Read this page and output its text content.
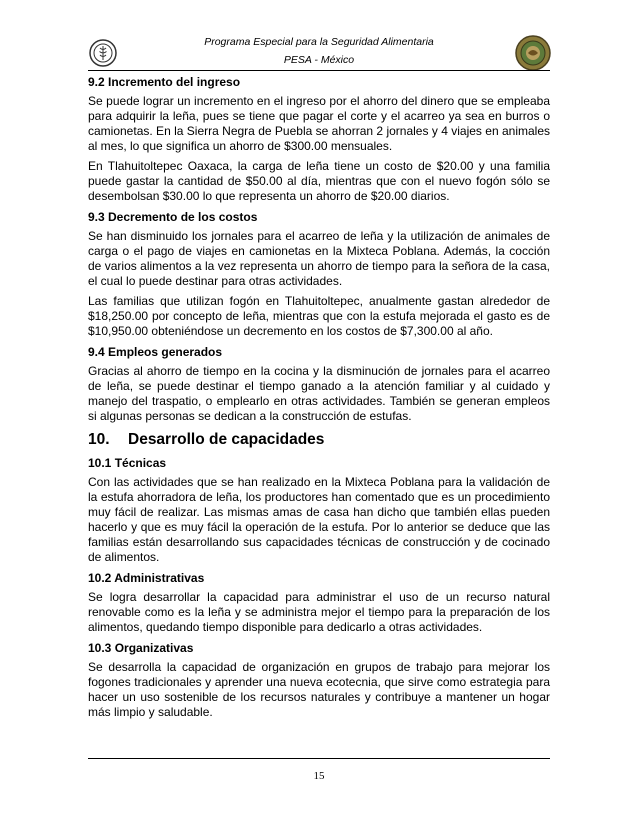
Programa Especial para la Seguridad Alimentaria
PESA - México
9.2 Incremento del ingreso

Se puede lograr un incremento en el ingreso por el ahorro del dinero que se empleaba para adquirir la leña, pues se tiene que pagar el corte y el acarreo ya sea en burros o camionetas. En la Sierra Negra de Puebla se ahorran 2 jornales y 4 viajes en animales al mes, lo que significa un ahorro de $300.00 mensuales.

En Tlahuitoltepec Oaxaca, la carga de leña tiene un costo de $20.00 y una familia puede gastar la cantidad de $50.00 al día, mientras que con el nuevo fogón sólo se desembolsan $30.00 lo que representa un ahorro de $20.00 diarios.

9.3 Decremento de los costos

Se han disminuido los jornales para el acarreo de leña y la utilización de animales de carga o el pago de viajes en camionetas en la Mixteca Poblana. Además, la cocción de varios alimentos a la vez representa un ahorro de tiempo para la señora de la casa, el cual lo puede destinar para otras actividades.

Las familias que utilizan fogón en Tlahuitoltepec, anualmente gastan alrededor de $18,250.00 por concepto de leña, mientras que con la estufa mejorada el gasto es de $10,950.00 obteniéndose un decremento en los costos de $7,300.00 al año.

9.4 Empleos generados

Gracias al ahorro de tiempo en la cocina y la disminución de jornales para el acarreo de leña, se puede destinar el tiempo ganado a la atención familiar y al cuidado y manejo del traspatio, o emplearlo en otras actividades. También se generan empleos si algunas personas se dedican a la construcción de estufas.

10. Desarrollo de capacidades
10.1 Técnicas

Con las actividades que se han realizado en la Mixteca Poblana para la validación de la estufa ahorradora de leña, los productores han comentado que es un procedimiento muy fácil de realizar. Las mismas amas de casa han dicho que también ellas pueden hacerlo y que es muy fácil la operación de la estufa. Por lo anterior se deduce que las familias están desarrollando sus capacidades técnicas de construcción y de cocinado de alimentos.

10.2 Administrativas

Se logra desarrollar la capacidad para administrar el uso de un recurso natural renovable como es la leña y se administra mejor el tiempo para la preparación de los alimentos, quedando tiempo disponible para dedicarlo a otras actividades.

10.3 Organizativas

Se desarrolla la capacidad de organización en grupos de trabajo para mejorar los fogones tradicionales y aprender una nueva ecotecnia, que sirve como estrategia para hacer un uso sostenible de los recursos naturales y contribuye a mantener un hogar más limpio y saludable.

15
